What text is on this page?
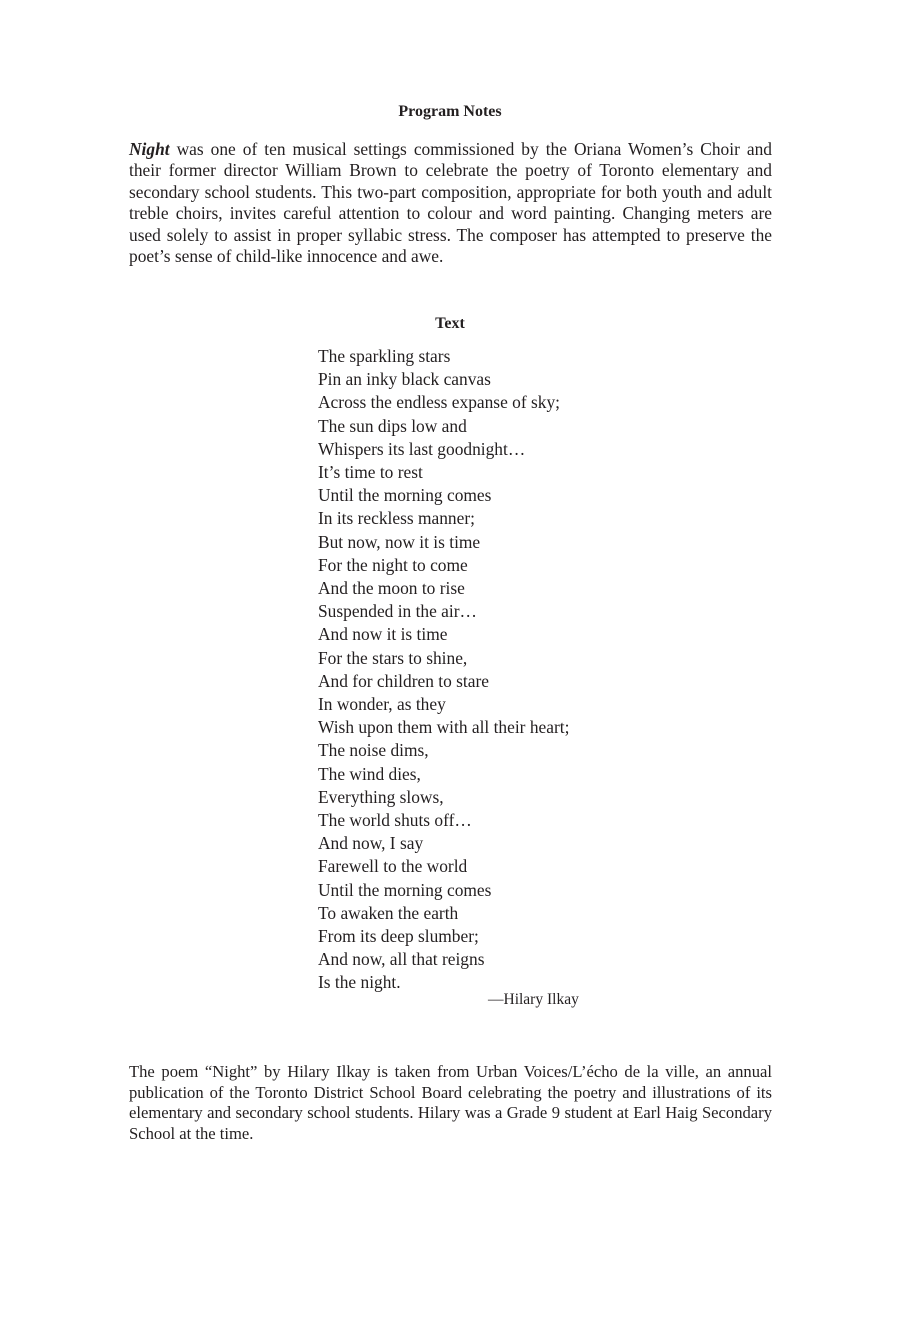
Program Notes

Night was one of ten musical settings commissioned by the Oriana Women’s Choir and their former director William Brown to celebrate the poetry of Toronto elementary and secondary school students. This two-part composition, appropriate for both youth and adult treble choirs, invites careful attention to colour and word painting. Changing meters are used solely to assist in proper syllabic stress. The composer has attempted to preserve the poet’s sense of child-like innocence and awe.

Text
The sparkling stars
Pin an inky black canvas
Across the endless expanse of sky;
The sun dips low and
Whispers its last goodnight…
It’s time to rest
Until the morning comes
In its reckless manner;
But now, now it is time
For the night to come
And the moon to rise
Suspended in the air…
And now it is time
For the stars to shine,
And for children to stare
In wonder, as they
Wish upon them with all their heart;
The noise dims,
The wind dies,
Everything slows,
The world shuts off…
And now, I say
Farewell to the world
Until the morning comes
To awaken the earth
From its deep slumber;
And now, all that reigns
Is the night.

—Hilary Ilkay

The poem “Night” by Hilary Ilkay is taken from Urban Voices/L’écho de la ville, an annual publication of the Toronto District School Board celebrating the poetry and illustrations of its elementary and secondary school students. Hilary was a Grade 9 student at Earl Haig Secondary School at the time.
